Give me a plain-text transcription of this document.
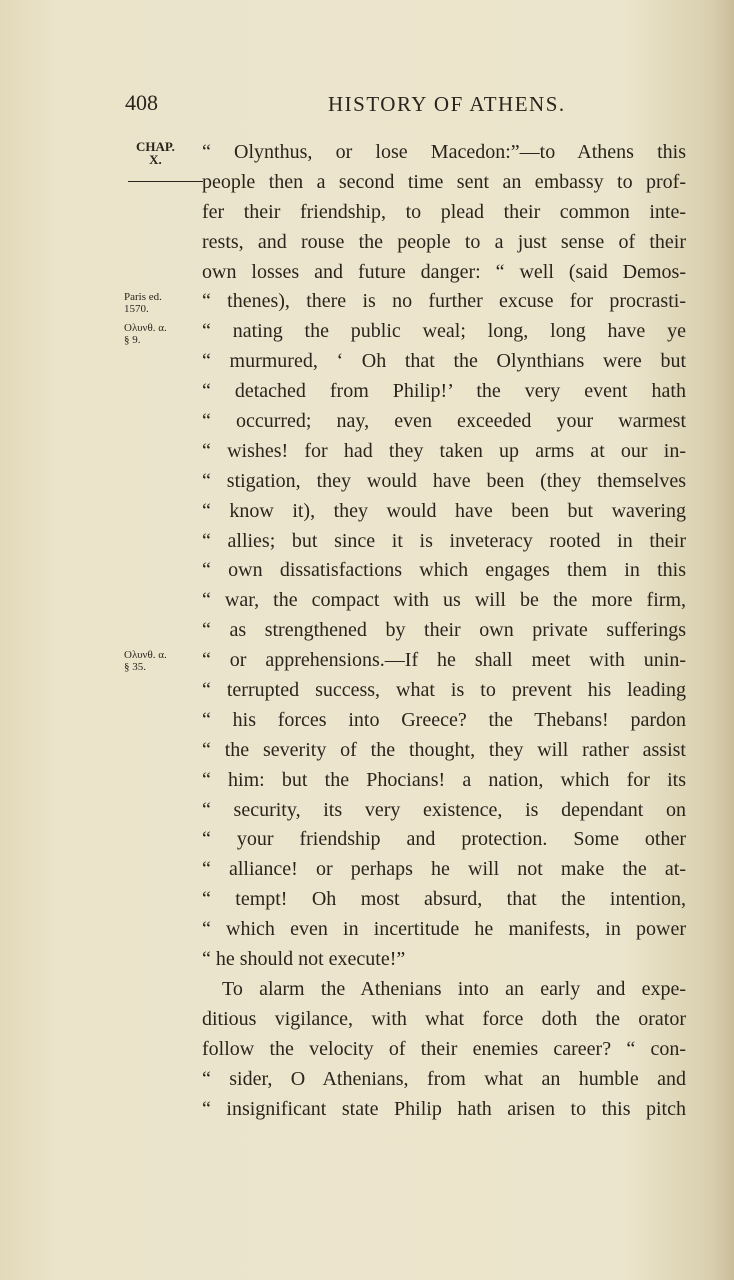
408	HISTORY OF ATHENS.
CHAP.
X.
Paris ed.
1570.
Ολυνθ. α.
§ 9.
Ολυνθ. α.
§ 35.
“ Olynthus, or lose Macedon:”—to Athens this
people then a second time sent an embassy to prof-
fer their friendship, to plead their common inte-
rests, and rouse the people to a just sense of their
own losses and future danger: “ well (said Demos-
“ thenes), there is no further excuse for procrasti-
“ nating the public weal; long, long have ye
“ murmured, ‘ Oh that the Olynthians were but
“ detached from Philip!’ the very event hath
“ occurred; nay, even exceeded your warmest
“ wishes! for had they taken up arms at our in-
“ stigation, they would have been (they themselves
“ know it), they would have been but wavering
“ allies; but since it is inveteracy rooted in their
“ own dissatisfactions which engages them in this
“ war, the compact with us will be the more firm,
“ as strengthened by their own private sufferings
“ or apprehensions.—If he shall meet with unin-
“ terrupted success, what is to prevent his leading
“ his forces into Greece? the Thebans! pardon
“ the severity of the thought, they will rather assist
“ him: but the Phocians! a nation, which for its
“ security, its very existence, is dependant on
“ your friendship and protection. Some other
“ alliance! or perhaps he will not make the at-
“ tempt! Oh most absurd, that the intention,
“ which even in incertitude he manifests, in power
“ he should not execute!”
To alarm the Athenians into an early and expe-
ditious vigilance, with what force doth the orator
follow the velocity of their enemies career? “ con-
“ sider, O Athenians, from what an humble and
“ insignificant state Philip hath arisen to this pitch
